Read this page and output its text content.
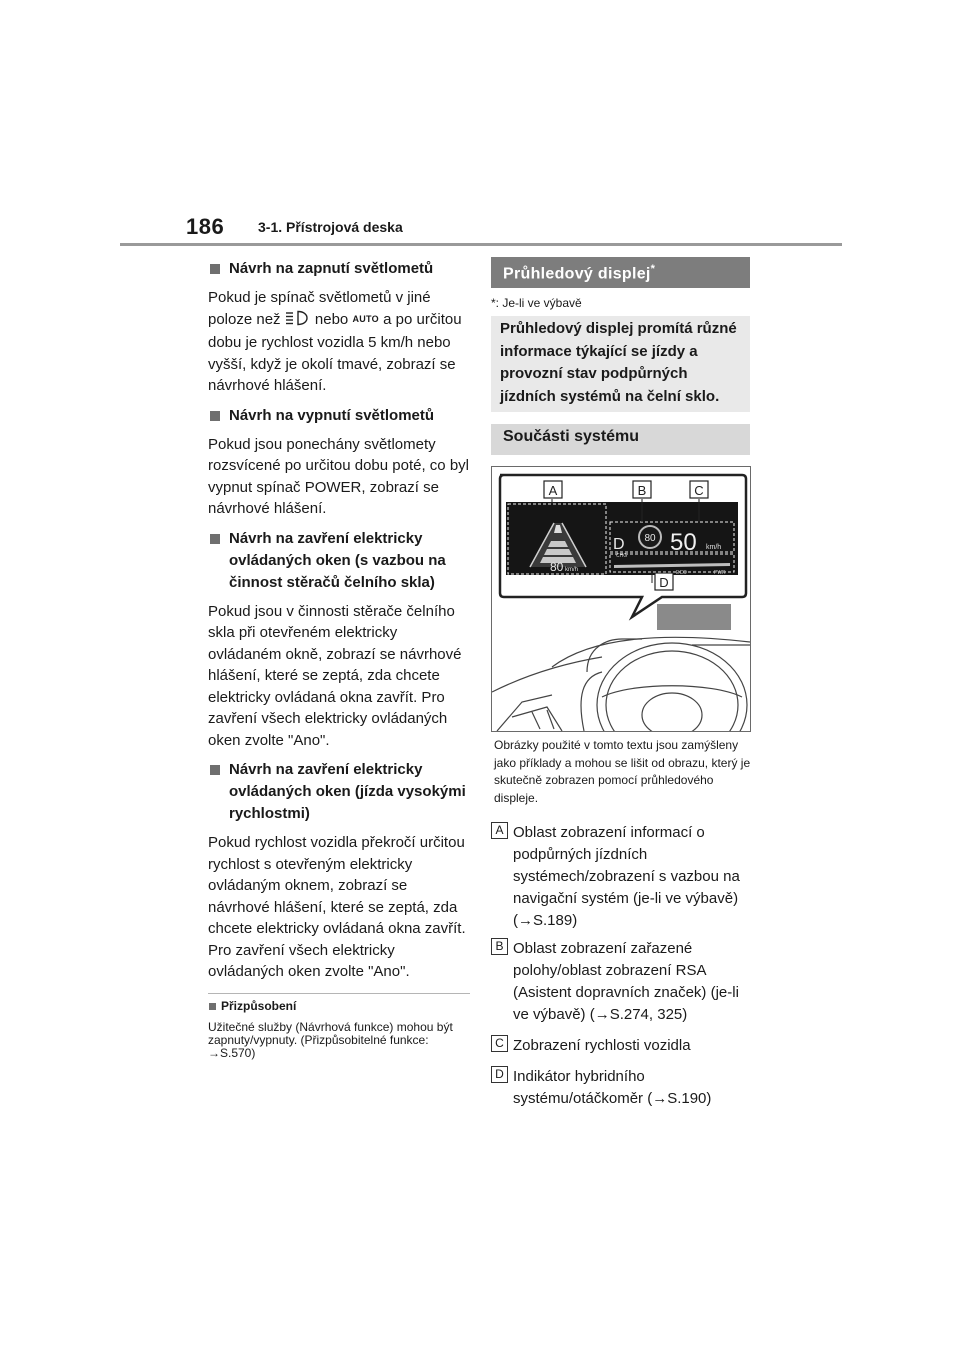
186 3-1. Přístrojová deska
Návrh na zapnutí světlometů
Pokud je spínač světlometů v jiné poloze než nebo AUTO a po určitou dobu je rychlost vozidla 5 km/h nebo vyšší, když je okolí tmavé, zobrazí se návrhové hlášení.
Návrh na vypnutí světlometů
Pokud jsou ponechány světlomety rozsvícené po určitou dobu poté, co byl vypnut spínač POWER, zobrazí se návrhové hlášení.
Návrh na zavření elektricky ovládaných oken (s vazbou na činnost stěračů čelního skla)
Pokud jsou v činnosti stěrače čelního skla při otevřeném elektricky ovládaném okně, zobrazí se návrhové hlášení, které se zeptá, zda chcete elektricky ovládaná okna zavřít. Pro zavření všech elektricky ovládaných oken zvolte "Ano".
Návrh na zavření elektricky ovládaných oken (jízda vysokými rychlostmi)
Pokud rychlost vozidla překročí určitou rychlost s otevřeným elektricky ovládaným oknem, zobrazí se návrhové hlášení, které se zeptá, zda chcete elektricky ovládaná okna zavřít. Pro zavření všech elektricky ovládaných oken zvolte "Ano".
Přizpůsobení
Užitečné služby (Návrhová funkce) mohou být zapnuty/vypnuty. (Přizpůsobitelné funkce: →S.570)
Průhledový displej*
*: Je-li ve výbavě
Průhledový displej promítá různé informace týkající se jízdy a provozní stav podpůrných jízdních systémů na čelní sklo.
Součásti systému
A	B	C
D
D 80 50 km/h
80 km/h
CHG
ECO	PWR
Obrázky použité v tomto textu jsou zamýšleny jako příklady a mohou se lišit od obrazu, který je skutečně zobrazen pomocí průhledového displeje.
A Oblast zobrazení informací o podpůrných jízdních systémech/zobrazení s vazbou na navigační systém (je-li ve výbavě) (→S.189)
B Oblast zobrazení zařazené polohy/oblast zobrazení RSA (Asistent dopravních značek) (je-li ve výbavě) (→S.274, 325)
C Zobrazení rychlosti vozidla
D Indikátor hybridního systému/otáčkoměr (→S.190)
